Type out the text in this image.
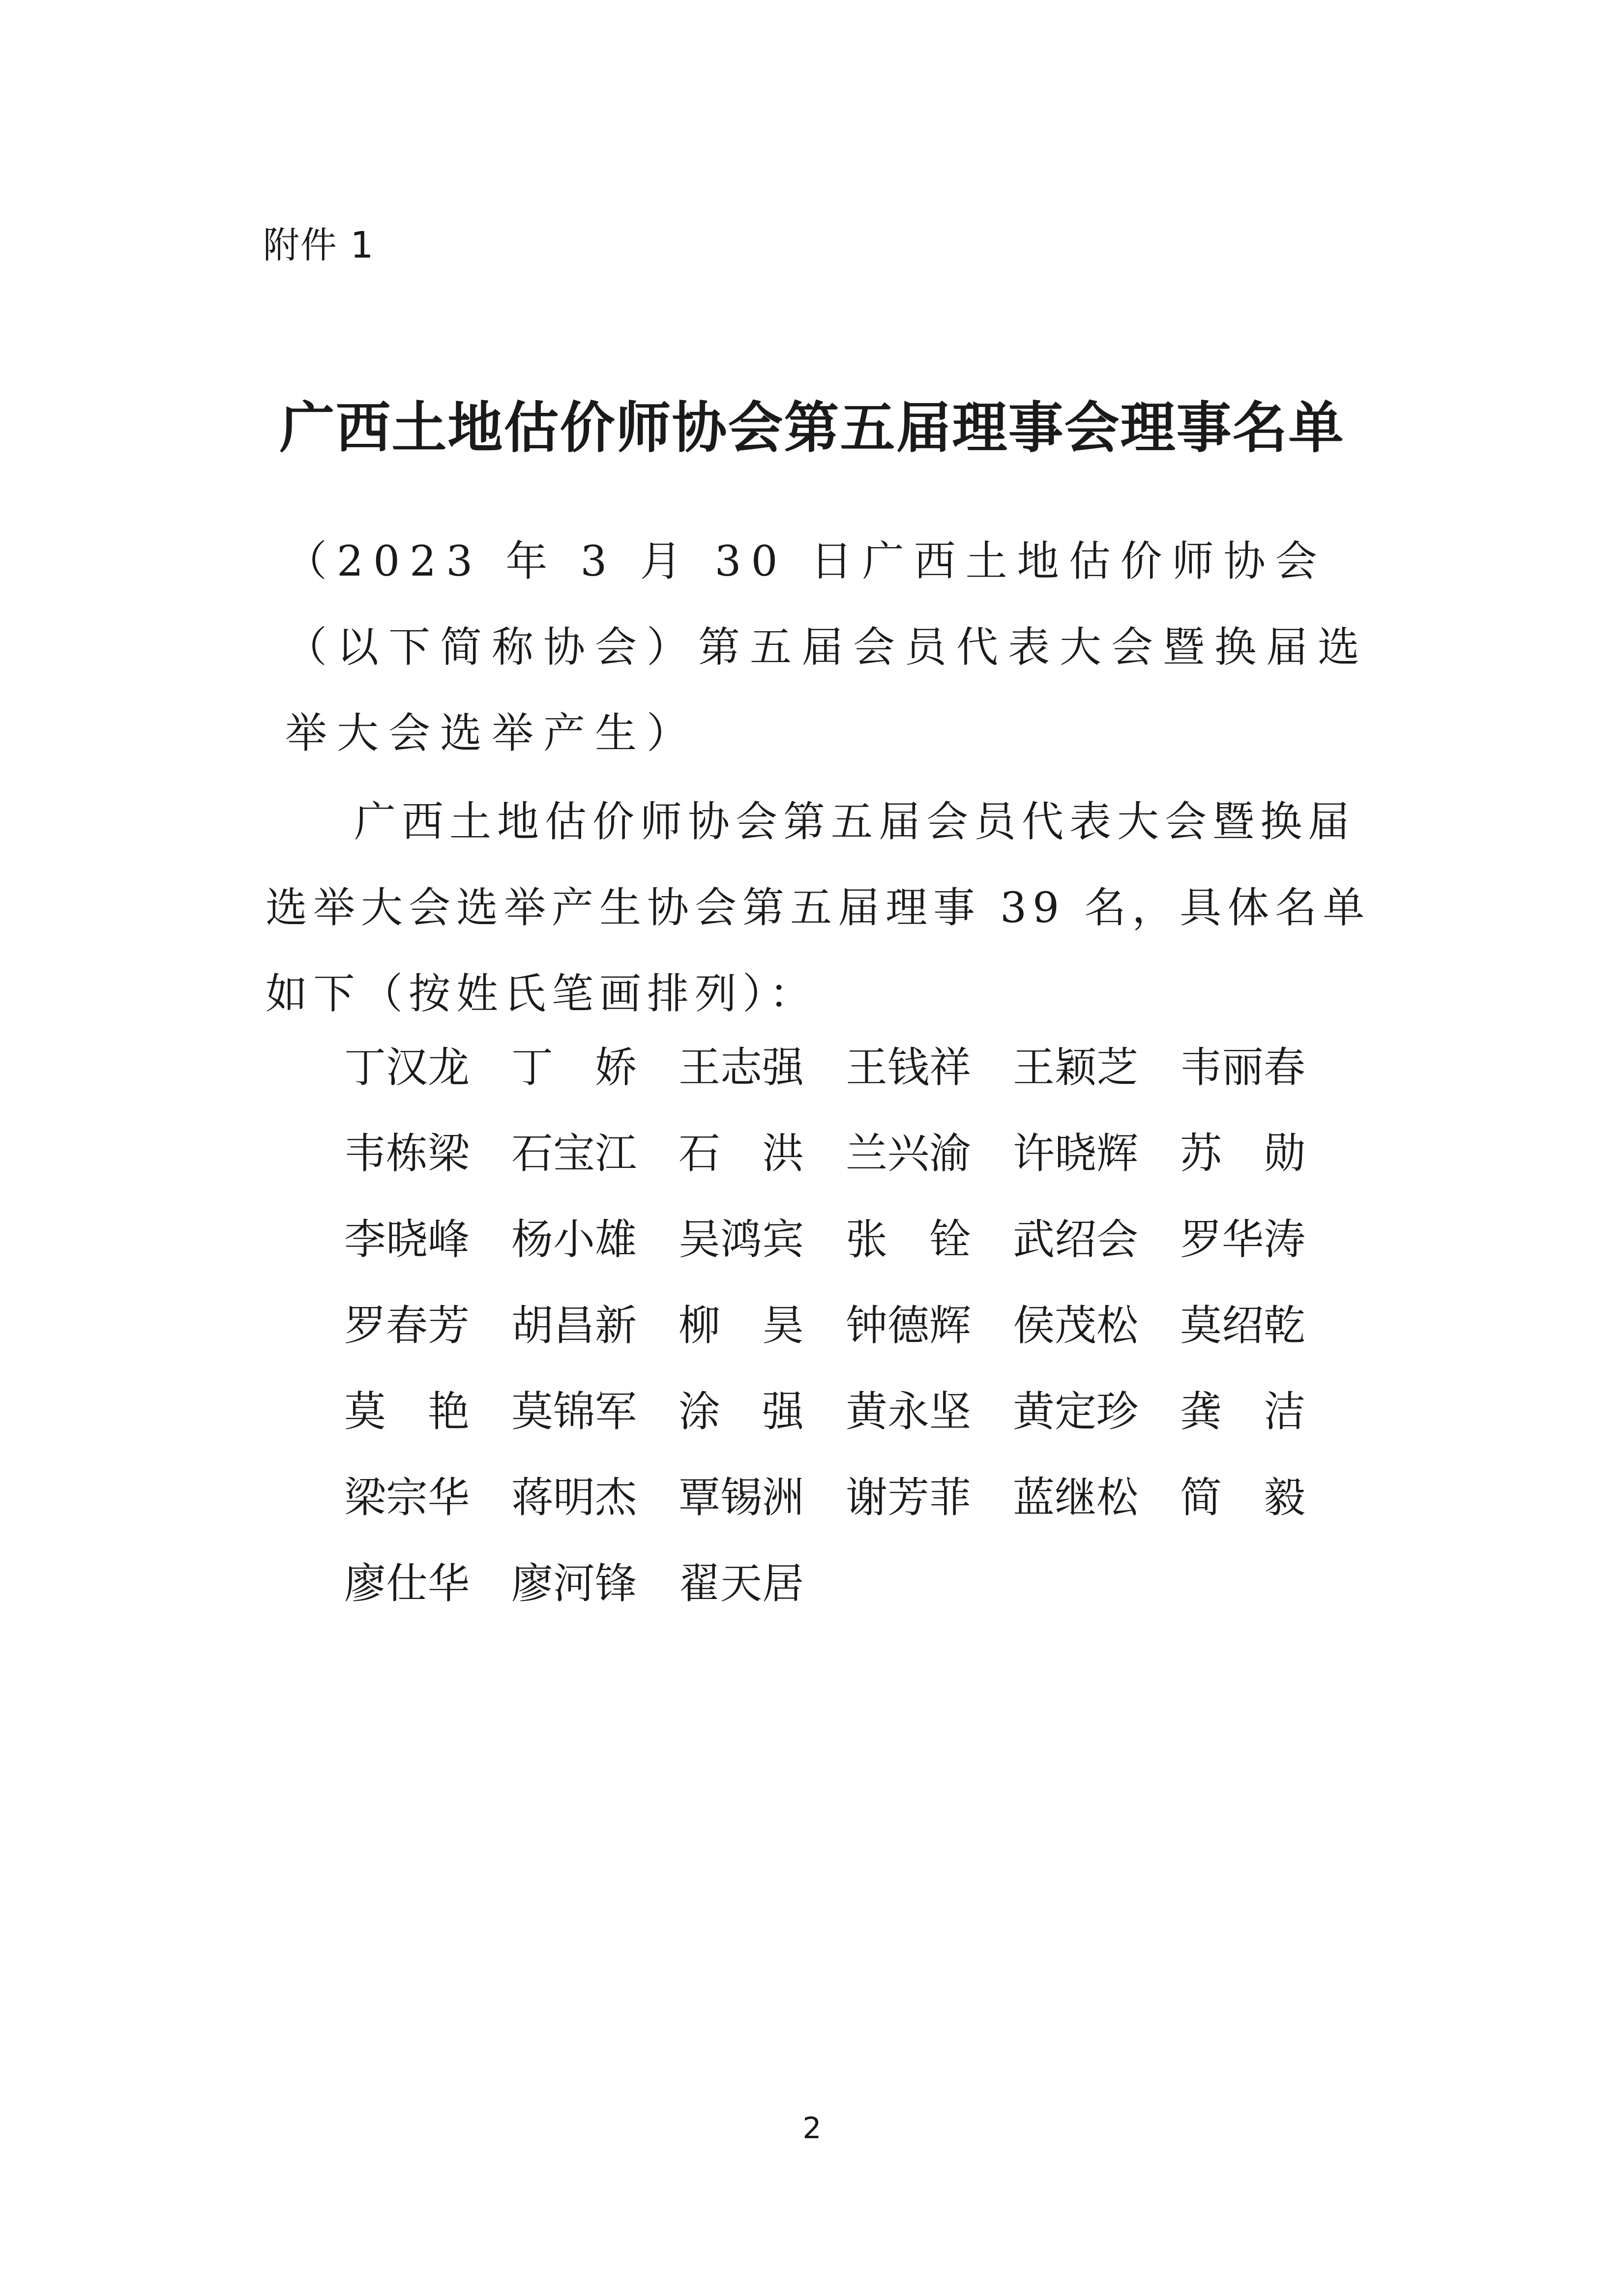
附件 1
广西土地估价师协会第五届理事会理事名单
（2023 年 3 月 30 日广西土地估价师协会（以下简称协会）第五届会员代表大会暨换届选举大会选举产生）
广西土地估价师协会第五届会员代表大会暨换届选举大会选举产生协会第五届理事 39 名，具体名单如下（按姓氏笔画排列）：
丁汉龙 丁娇 王志强 王钱祥 王颖芝 韦丽春
韦栋梁 石宝江 石洪 兰兴渝 许晓辉 苏勋
李晓峰 杨小雄 吴鸿宾 张铨 武绍会 罗华涛
罗春芳 胡昌新 柳昊 钟德辉 侯茂松 莫绍乾
莫艳 莫锦军 涂强 黄永坚 黄定珍 龚洁
梁宗华 蒋明杰 覃锡洲 谢芳菲 蓝继松 简毅
廖仕华 廖河锋 翟天居
2
